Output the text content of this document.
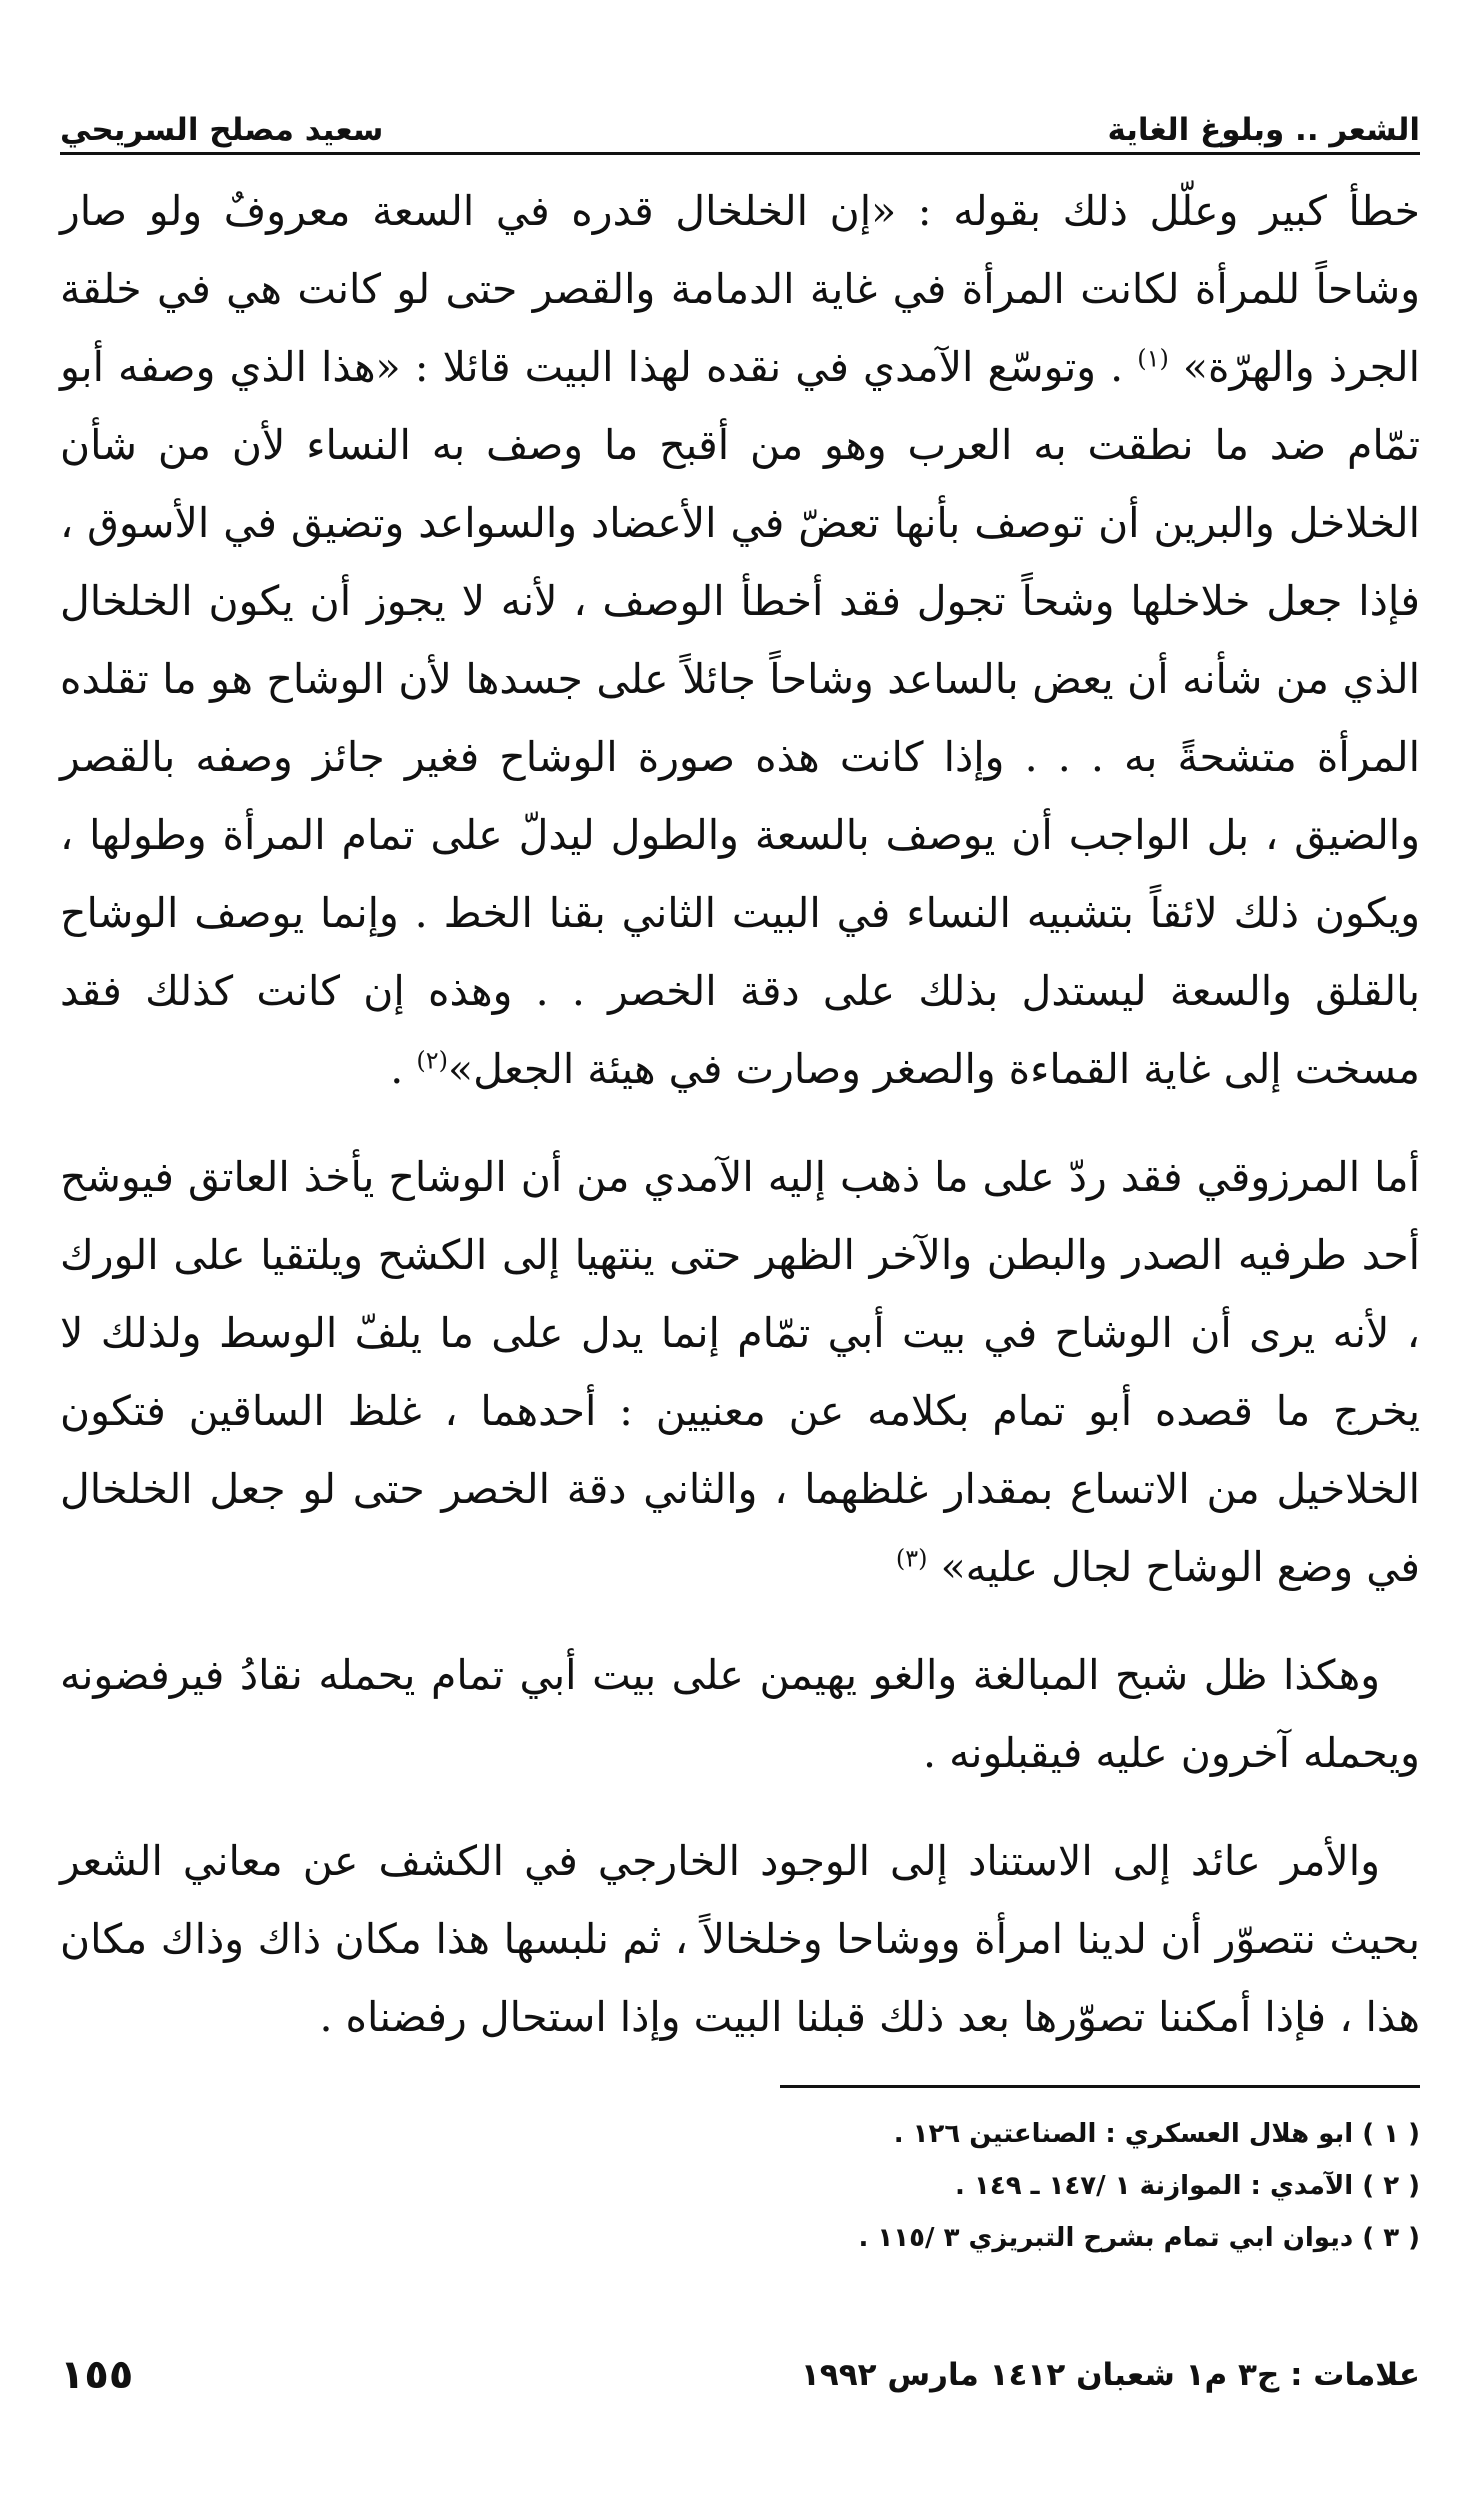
الشعر .. وبلوغ الغاية
سعيد مصلح السريحي

خطأ كبير وعلّل ذلك بقوله : «إن الخلخال قدره في السعة معروفٌ ولو صار وشاحاً للمرأة لكانت المرأة في غاية الدمامة والقصر حتى لو كانت هي في خلقة الجرذ والهرّة» $^{(١)}$ . وتوسّع الآمدي في نقده لهذا البيت قائلا : «هذا الذي وصفه أبو تمّام ضد ما نطقت به العرب وهو من أقبح ما وصف به النساء لأن من شأن الخلاخل والبرين أن توصف بأنها تعضّ في الأعضاد والسواعد وتضيق في الأسوق ، فإذا جعل خلاخلها وشحاً تجول فقد أخطأ الوصف ، لأنه لا يجوز أن يكون الخلخال الذي من شأنه أن يعض بالساعد وشاحاً جائلاً على جسدها لأن الوشاح هو ما تقلده المرأة متشحةً به . . . وإذا كانت هذه صورة الوشاح فغير جائز وصفه بالقصر والضيق ، بل الواجب أن يوصف بالسعة والطول ليدلّ على تمام المرأة وطولها ، ويكون ذلك لائقاً بتشبيه النساء في البيت الثاني بقنا الخط . وإنما يوصف الوشاح بالقلق والسعة ليستدل بذلك على دقة الخصر . . وهذه إن كانت كذلك فقد مسخت إلى غاية القماءة والصغر وصارت في هيئة الجعل»$^{(٢)}$ .

أما المرزوقي فقد ردّ على ما ذهب إليه الآمدي من أن الوشاح يأخذ العاتق فيوشح أحد طرفيه الصدر والبطن والآخر الظهر حتى ينتهيا إلى الكشح ويلتقيا على الورك ، لأنه يرى أن الوشاح في بيت أبي تمّام إنما يدل على ما يلفّ الوسط ولذلك لا يخرج ما قصده أبو تمام بكلامه عن معنيين : أحدهما ، غلظ الساقين فتكون الخلاخيل من الاتساع بمقدار غلظهما ، والثاني دقة الخصر حتى لو جعل الخلخال في وضع الوشاح لجال عليه» $^{(٣)}$

وهكذا ظل شبح المبالغة والغو يهيمن على بيت أبي تمام يحمله نقادُ فيرفضونه ويحمله آخرون عليه فيقبلونه .

والأمر عائد إلى الاستناد إلى الوجود الخارجي في الكشف عن معاني الشعر بحيث نتصوّر أن لدينا امرأة ووشاحا وخلخالاً ، ثم نلبسها هذا مكان ذاك وذاك مكان هذا ، فإذا أمكننا تصوّرها بعد ذلك قبلنا البيت وإذا استحال رفضناه .

( ١ ) ابو هلال العسكري : الصناعتين ١٢٦ .

( ٢ ) الآمدي : الموازنة ١ /١٤٧ ـ ١٤٩ .

( ٣ ) ديوان ابي تمام بشرح التبريزي ٣ /١١٥ .

علامات : ج٣ م١ شعبان ١٤١٢ مارس ١٩٩٢
١٥٥
